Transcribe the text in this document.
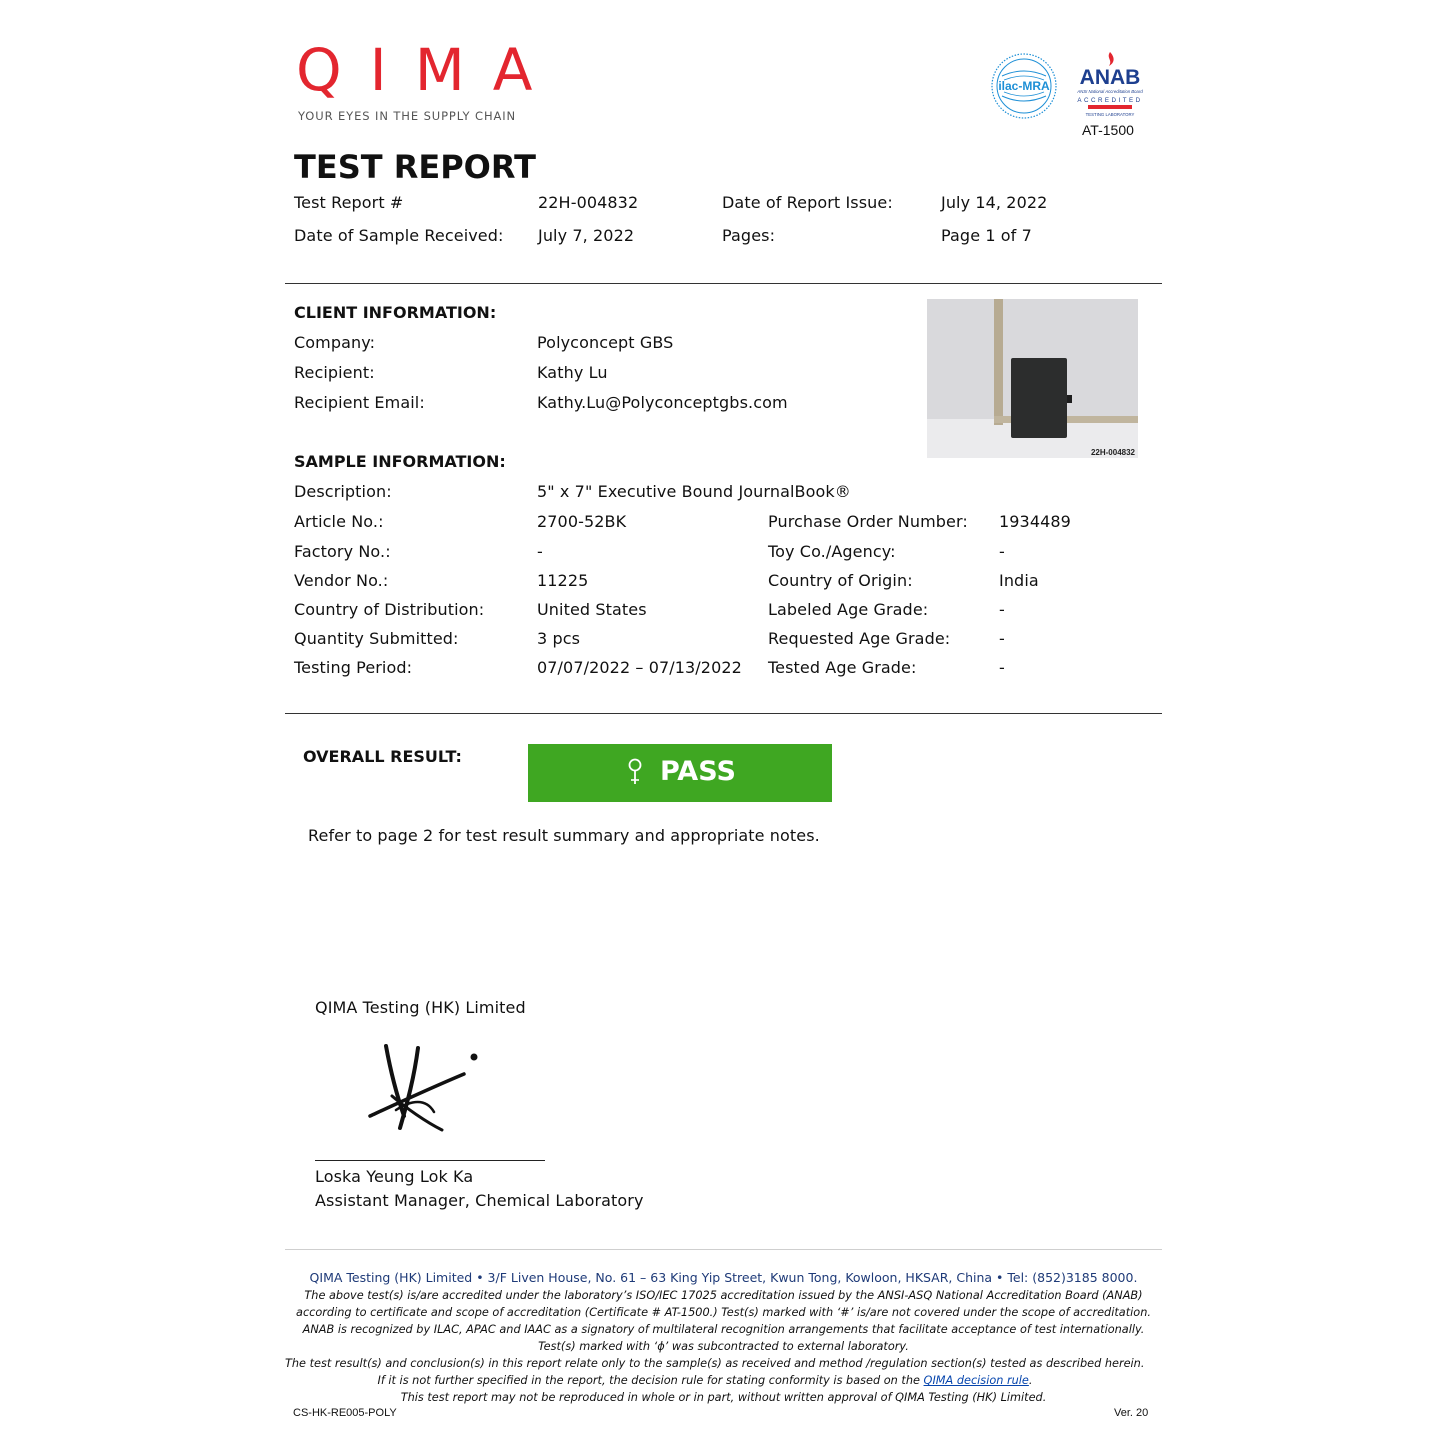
QIMA
YOUR EYES IN THE SUPPLY CHAIN
ilac-MRA ANAB
ANSI National Accreditation Board
ACCREDITED
TESTING LABORATORY
AT-1500
TEST REPORT
Test Report #	22H-004832	Date of Report Issue:	July 14, 2022
Date of Sample Received: July 7, 2022	Pages:	Page 1 of 7
CLIENT INFORMATION:
Company:	Polyconcept GBS
Recipient:	Kathy Lu
Recipient Email:	Kathy.Lu@Polyconceptgbs.com
22H-004832
SAMPLE INFORMATION:
Description:	5" x 7" Executive Bound JournalBook®
Article No.:	2700-52BK	Purchase Order Number: 1934489
Factory No.:	-	Toy Co./Agency:	-
Vendor No.:	11225	Country of Origin:	India
Country of Distribution:	United States	Labeled Age Grade:	-
Quantity Submitted:	3 pcs	Requested Age Grade:	-
Testing Period:	07/07/2022 – 07/13/2022 Tested Age Grade:	-
OVERALL RESULT:	PASS
Refer to page 2 for test result summary and appropriate notes.
QIMA Testing (HK) Limited
Loska Yeung Lok Ka
Assistant Manager, Chemical Laboratory
QIMA Testing (HK) Limited • 3/F Liven House, No. 61 – 63 King Yip Street, Kwun Tong, Kowloon, HKSAR, China • Tel: (852)3185 8000.
The above test(s) is/are accredited under the laboratory’s ISO/IEC 17025 accreditation issued by the ANSI-ASQ National Accreditation Board (ANAB)
according to certificate and scope of accreditation (Certificate # AT-1500.) Test(s) marked with ‘#’ is/are not covered under the scope of accreditation.
ANAB is recognized by ILAC, APAC and IAAC as a signatory of multilateral recognition arrangements that facilitate acceptance of test internationally.
Test(s) marked with ‘ϕ’ was subcontracted to external laboratory.
The test result(s) and conclusion(s) in this report relate only to the sample(s) as received and method /regulation section(s) tested as described herein.
If it is not further specified in the report, the decision rule for stating conformity is based on the QIMA decision rule.
This test report may not be reproduced in whole or in part, without written approval of QIMA Testing (HK) Limited.
CS-HK-RE005-POLY	Ver. 20
